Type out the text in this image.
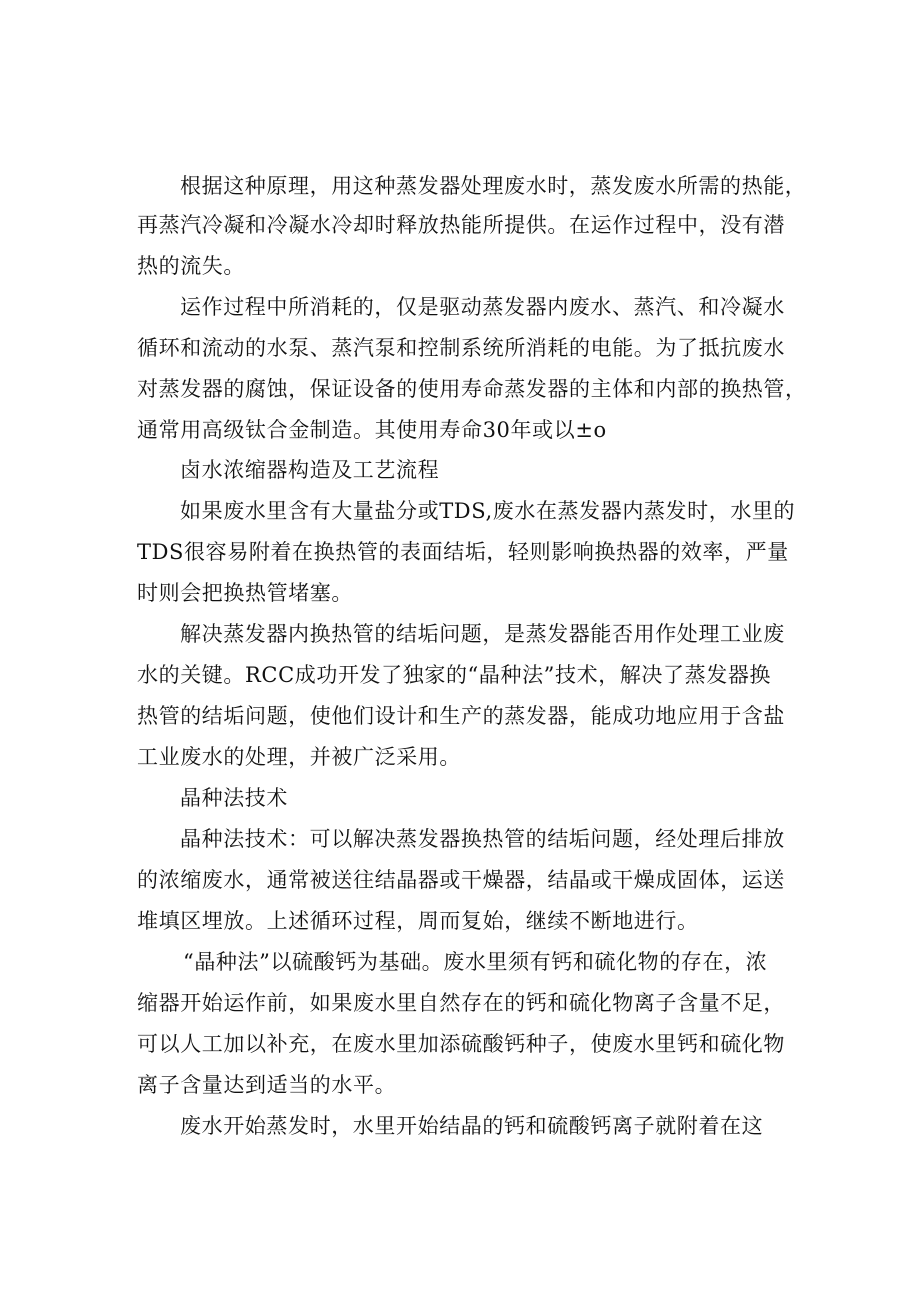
根据这种原理，用这种蒸发器处理废水时，蒸发废水所需的热能，
再蒸汽冷凝和冷凝水冷却时释放热能所提供。在运作过程中，没有潜
热的流失。
运作过程中所消耗的，仅是驱动蒸发器内废水、蒸汽、和冷凝水
循环和流动的水泵、蒸汽泵和控制系统所消耗的电能。为了抵抗废水
对蒸发器的腐蚀，保证设备的使用寿命蒸发器的主体和内部的换热管，
通常用高级钛合金制造。其使用寿命30年或以±o
卤水浓缩器构造及工艺流程
如果废水里含有大量盐分或TDS,废水在蒸发器内蒸发时，水里的
TDS很容易附着在换热管的表面结垢，轻则影响换热器的效率，严量
时则会把换热管堵塞。
解决蒸发器内换热管的结垢问题，是蒸发器能否用作处理工业废
水的关键。RCC成功开发了独家的“晶种法”技术，解决了蒸发器换
热管的结垢问题，使他们设计和生产的蒸发器，能成功地应用于含盐
工业废水的处理，并被广泛采用。
晶种法技术
晶种法技术：可以解决蒸发器换热管的结垢问题，经处理后排放
的浓缩废水，通常被送往结晶器或干燥器，结晶或干燥成固体，运送
堆填区埋放。上述循环过程，周而复始，继续不断地进行。
“晶种法”以硫酸钙为基础。废水里须有钙和硫化物的存在，浓
缩器开始运作前，如果废水里自然存在的钙和硫化物离子含量不足，
可以人工加以补充，在废水里加添硫酸钙种子，使废水里钙和硫化物
离子含量达到适当的水平。
废水开始蒸发时，水里开始结晶的钙和硫酸钙离子就附着在这
